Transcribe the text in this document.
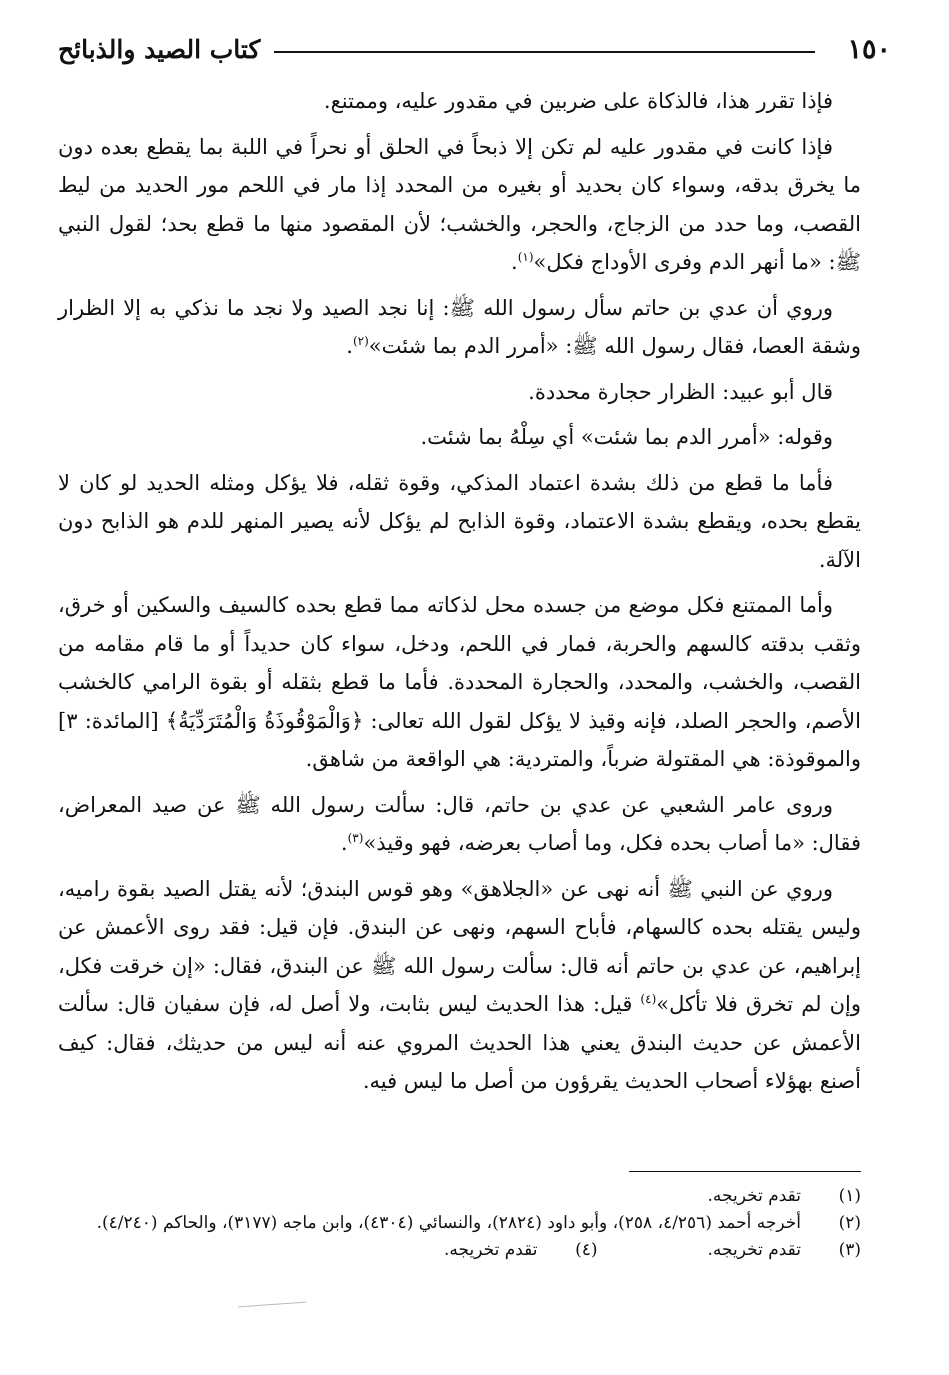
١٥٠
كتاب الصيد والذبائح

فإذا تقرر هذا، فالذكاة على ضربين في مقدور عليه، وممتنع.

فإذا كانت في مقدور عليه لم تكن إلا ذبحاً في الحلق أو نحراً في اللبة بما يقطع بعده دون ما يخرق بدقه، وسواء كان بحديد أو بغيره من المحدد إذا مار في اللحم مور الحديد من ليط القصب، وما حدد من الزجاج، والحجر، والخشب؛ لأن المقصود منها ما قطع بحد؛ لقول النبي ﷺ: «ما أنهر الدم وفرى الأوداج فكل»$^{(١)}$.

وروي أن عدي بن حاتم سأل رسول الله ﷺ: إنا نجد الصيد ولا نجد ما نذكي به إلا الظرار وشقة العصا، فقال رسول الله ﷺ: «أمرر الدم بما شئت»$^{(٢)}$.

قال أبو عبيد: الظرار حجارة محددة.

وقوله: «أمرر الدم بما شئت» أي سِلْهُ بما شئت.

فأما ما قطع من ذلك بشدة اعتماد المذكي، وقوة ثقله، فلا يؤكل ومثله الحديد لو كان لا يقطع بحده، ويقطع بشدة الاعتماد، وقوة الذابح لم يؤكل لأنه يصير المنهر للدم هو الذابح دون الآلة.

وأما الممتنع فكل موضع من جسده محل لذكاته مما قطع بحده كالسيف والسكين أو خرق، وثقب بدقته كالسهم والحربة، فمار في اللحم، ودخل، سواء كان حديداً أو ما قام مقامه من القصب، والخشب، والمحدد، والحجارة المحددة. فأما ما قطع بثقله أو بقوة الرامي كالخشب الأصم، والحجر الصلد، فإنه وقيذ لا يؤكل لقول الله تعالى: ﴿وَالْمَوْقُوذَةُ وَالْمُتَرَدِّيَةُ﴾ [المائدة: ٣] والموقوذة: هي المقتولة ضرباً، والمتردية: هي الواقعة من شاهق.

وروى عامر الشعبي عن عدي بن حاتم، قال: سألت رسول الله ﷺ عن صيد المعراض، فقال: «ما أصاب بحده فكل، وما أصاب بعرضه، فهو وقيذ»$^{(٣)}$.

وروي عن النبي ﷺ أنه نهى عن «الجلاهق» وهو قوس البندق؛ لأنه يقتل الصيد بقوة راميه، وليس يقتله بحده كالسهام، فأباح السهم، ونهى عن البندق. فإن قيل: فقد روى الأعمش عن إبراهيم، عن عدي بن حاتم أنه قال: سألت رسول الله ﷺ عن البندق، فقال: «إن خرقت فكل، وإن لم تخرق فلا تأكل»$^{(٤)}$ قيل: هذا الحديث ليس بثابت، ولا أصل له، فإن سفيان قال: سألت الأعمش عن حديث البندق يعني هذا الحديث المروي عنه أنه ليس من حديثك، فقال: كيف أصنع بهؤلاء أصحاب الحديث يقرؤون من أصل ما ليس فيه.

(١)
تقدم تخريجه.
(٢)
أخرجه أحمد (٤/٢٥٦، ٢٥٨)، وأبو داود (٢٨٢٤)، والنسائي (٤٣٠٤)، وابن ماجه (٣١٧٧)، والحاكم (٤/٢٤٠).
(٣)
تقدم تخريجه.
(٤)
تقدم تخريجه.
